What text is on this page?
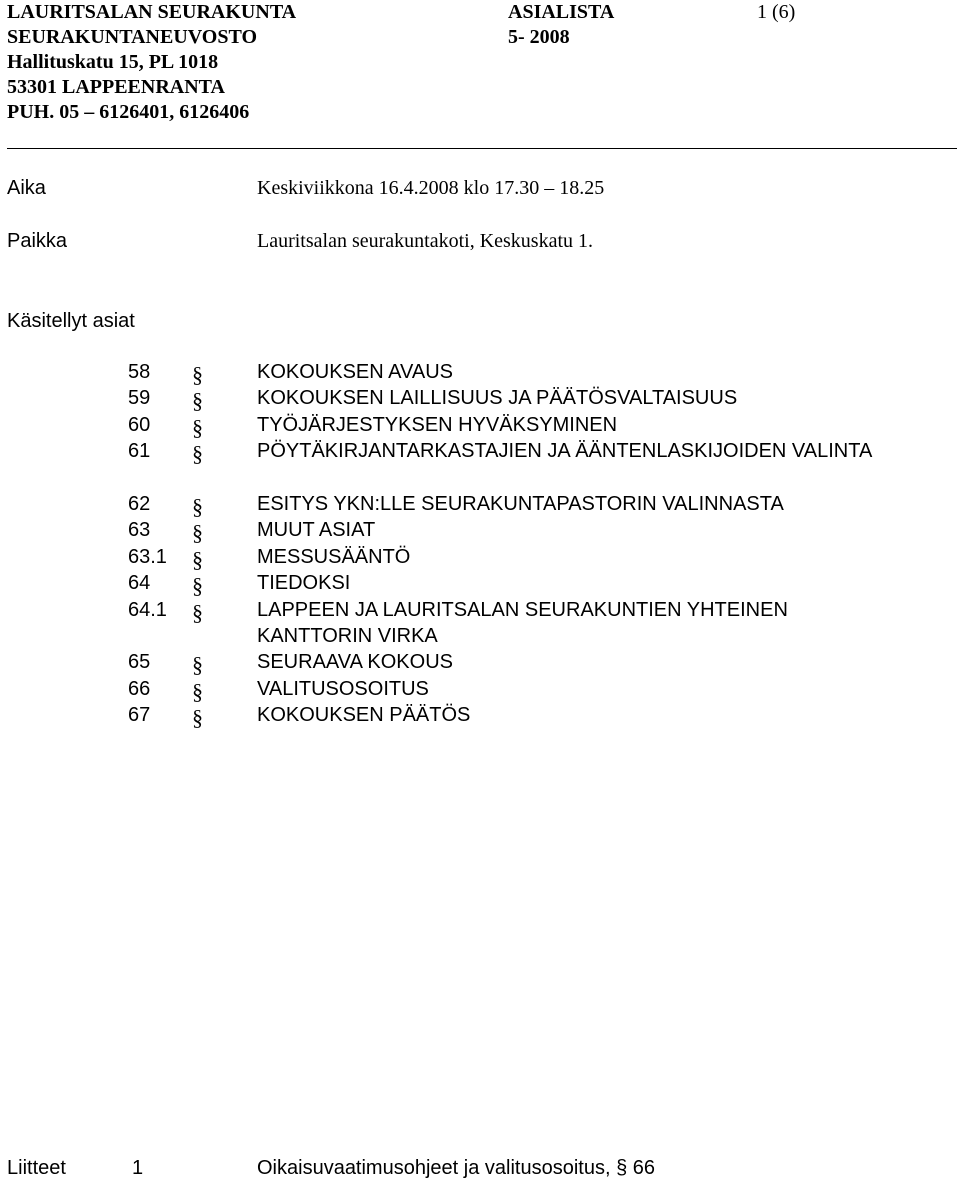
LAURITSALAN SEURAKUNTA
SEURAKUNTANEUVOSTO
Hallituskatu 15, PL 1018
53301 LAPPEENRANTA
PUH. 05 – 6126401, 6126406
ASIALISTA
5- 2008
1 (6)
Aika	Keskiviikkona 16.4.2008 klo 17.30 – 18.25
Paikka	Lauritsalan seurakuntakoti, Keskuskatu 1.
Käsitellyt asiat
58 §	KOKOUKSEN AVAUS
59 §	KOKOUKSEN LAILLISUUS JA PÄÄTÖSVALTAISUUS
60 §	TYÖJÄRJESTYKSEN HYVÄKSYMINEN
61 §	PÖYTÄKIRJANTARKASTAJIEN JA ÄÄNTENLASKIJOIDEN VALINTA
62 §	ESITYS YKN:LLE SEURAKUNTAPASTORIN VALINNASTA
63 §	MUUT ASIAT
63.1 §	MESSUSÄÄNTÖ
64 §	TIEDOKSI
64.1 §	LAPPEEN JA LAURITSALAN SEURAKUNTIEN YHTEINEN KANTTORIN VIRKA
65 §	SEURAAVA KOKOUS
66 §	VALITUSOSOITUS
67 §	KOKOUKSEN PÄÄTÖS
Liitteet	1	Oikaisuvaatimusohjeet ja valitusosoitus, § 66
